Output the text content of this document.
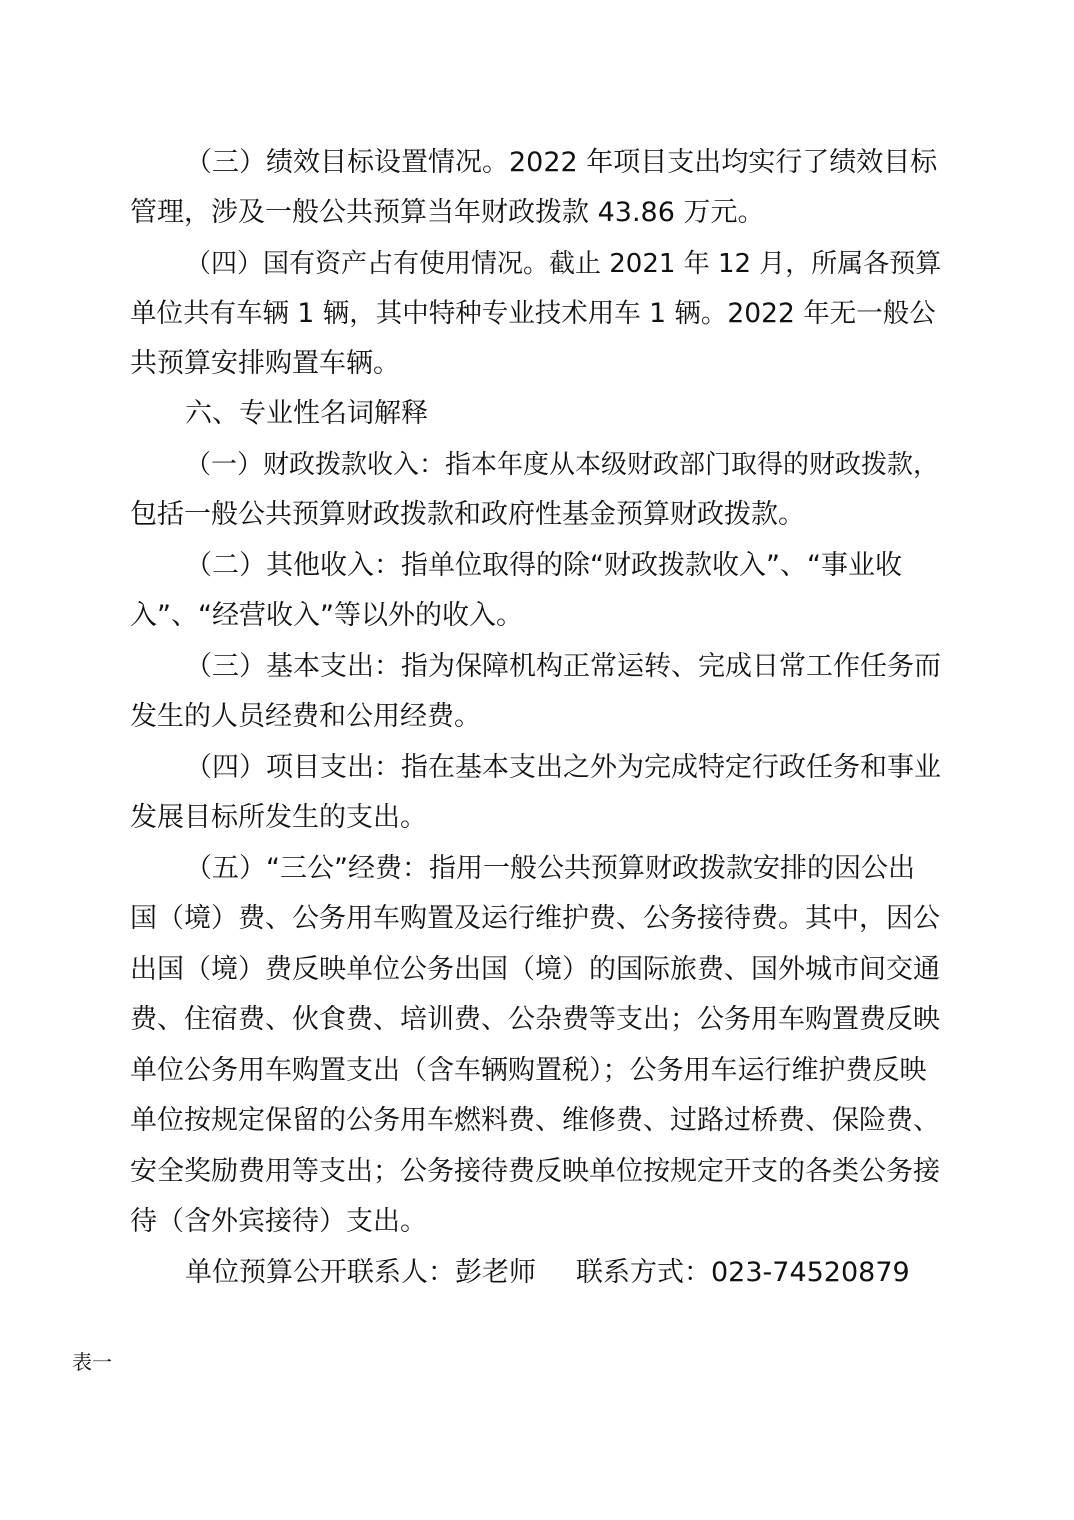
（三）绩效目标设置情况。2022 年项目支出均实行了绩效目标
管理，涉及一般公共预算当年财政拨款 43.86 万元。
（四）国有资产占有使用情况。截止 2021 年 12 月，所属各预算
单位共有车辆 1 辆，其中特种专业技术用车 1 辆。2022 年无一般公
共预算安排购置车辆。
六、专业性名词解释
（一）财政拨款收入：指本年度从本级财政部门取得的财政拨款，
包括一般公共预算财政拨款和政府性基金预算财政拨款。
（二）其他收入：指单位取得的除“财政拨款收入”、“事业收
入”、“经营收入”等以外的收入。
（三）基本支出：指为保障机构正常运转、完成日常工作任务而
发生的人员经费和公用经费。
（四）项目支出：指在基本支出之外为完成特定行政任务和事业
发展目标所发生的支出。
（五）“三公”经费：指用一般公共预算财政拨款安排的因公出
国（境）费、公务用车购置及运行维护费、公务接待费。其中，因公
出国（境）费反映单位公务出国（境）的国际旅费、国外城市间交通
费、住宿费、伙食费、培训费、公杂费等支出；公务用车购置费反映
单位公务用车购置支出（含车辆购置税）；公务用车运行维护费反映
单位按规定保留的公务用车燃料费、维修费、过路过桥费、保险费、
安全奖励费用等支出；公务接待费反映单位按规定开支的各类公务接
待（含外宾接待）支出。
单位预算公开联系人：彭老师 联系方式：023-74520879
表一
